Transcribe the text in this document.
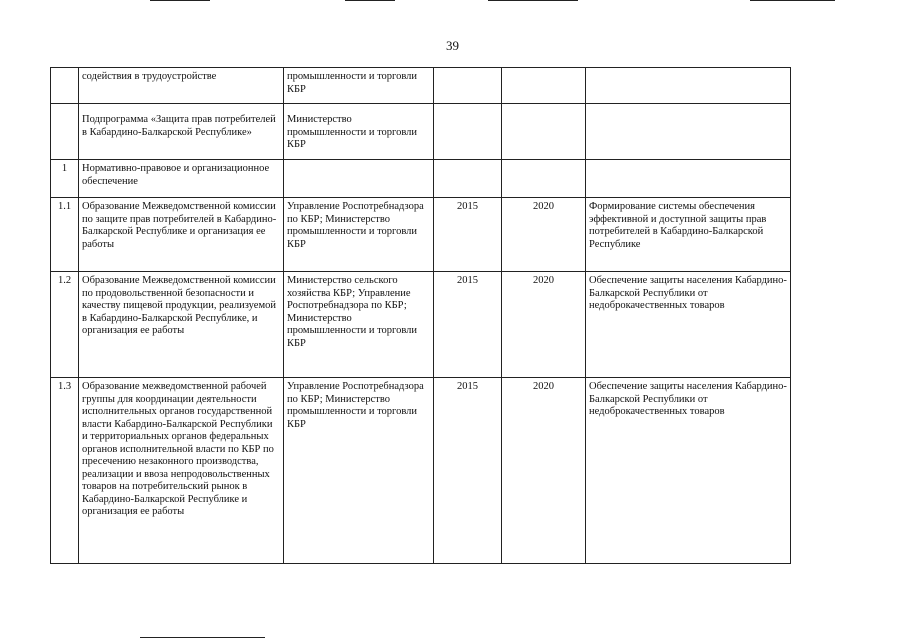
39
	содействия в трудоустройстве	промышленности и торговли КБР			
	Подпрограмма «Защита прав потребителей в Кабардино-Балкарской Республике»	Министерство промышленности и торговли КБР			
1	Нормативно-правовое и организационное обеспечение				
1.1	Образование Межведомственной комиссии по защите прав потребителей в Кабардино-Балкарской Республике и организация ее работы	Управление Роспотребнадзора по КБР; Министерство промышленности и торговли КБР	2015	2020	Формирование системы обеспечения эффективной и доступной защиты прав потребителей в Кабардино-Балкарской Республике
1.2	Образование Межведомственной комиссии по продовольственной безопасности и качеству пищевой продукции, реализуемой в Кабардино-Балкарской Республике, и организация ее работы	Министерство сельского хозяйства КБР; Управление Роспотребнадзора по КБР; Министерство промышленности и торговли КБР	2015	2020	Обеспечение защиты населения Кабардино-Балкарской Республики от недоброкачественных товаров
1.3	Образование межведомственной рабочей группы для координации деятельности исполнительных органов государственной власти Кабардино-Балкарской Республики и территориальных органов федеральных органов исполнительной власти по КБР по пресечению незаконного производства, реализации и ввоза непродовольственных товаров на потребительский рынок в Кабардино-Балкарской Республике и организация ее работы	Управление Роспотребнадзора по КБР; Министерство промышленности и торговли КБР	2015	2020	Обеспечение защиты населения Кабардино-Балкарской Республики от недоброкачественных товаров
